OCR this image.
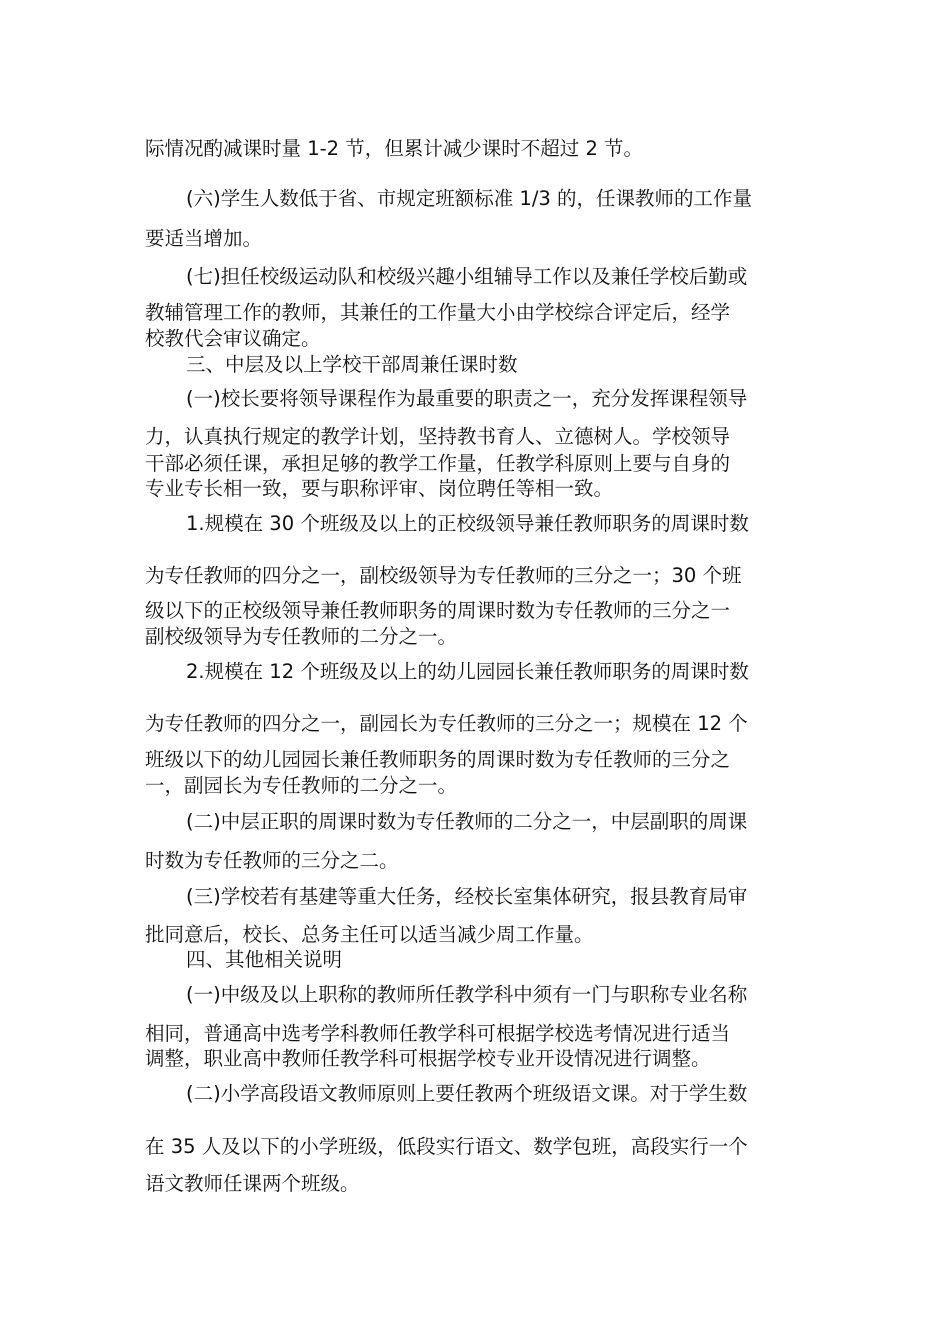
际情况酌减课时量 1-2 节，但累计减少课时不超过 2 节。
(六)学生人数低于省、市规定班额标准 1/3 的，任课教师的工作量
要适当增加。
(七)担任校级运动队和校级兴趣小组辅导工作以及兼任学校后勤或
教辅管理工作的教师，其兼任的工作量大小由学校综合评定后，经学
校教代会审议确定。
三、中层及以上学校干部周兼任课时数
(一)校长要将领导课程作为最重要的职责之一，充分发挥课程领导
力，认真执行规定的教学计划，坚持教书育人、立德树人。学校领导
干部必须任课，承担足够的教学工作量，任教学科原则上要与自身的
专业专长相一致，要与职称评审、岗位聘任等相一致。
1.规模在 30 个班级及以上的正校级领导兼任教师职务的周课时数
为专任教师的四分之一，副校级领导为专任教师的三分之一；30 个班
级以下的正校级领导兼任教师职务的周课时数为专任教师的三分之一
副校级领导为专任教师的二分之一。
2.规模在 12 个班级及以上的幼儿园园长兼任教师职务的周课时数
为专任教师的四分之一，副园长为专任教师的三分之一；规模在 12 个
班级以下的幼儿园园长兼任教师职务的周课时数为专任教师的三分之
一，副园长为专任教师的二分之一。
(二)中层正职的周课时数为专任教师的二分之一，中层副职的周课
时数为专任教师的三分之二。
(三)学校若有基建等重大任务，经校长室集体研究，报县教育局审
批同意后，校长、总务主任可以适当减少周工作量。
四、其他相关说明
(一)中级及以上职称的教师所任教学科中须有一门与职称专业名称
相同，普通高中选考学科教师任教学科可根据学校选考情况进行适当
调整，职业高中教师任教学科可根据学校专业开设情况进行调整。
(二)小学高段语文教师原则上要任教两个班级语文课。对于学生数
在 35 人及以下的小学班级，低段实行语文、数学包班，高段实行一个
语文教师任课两个班级。
